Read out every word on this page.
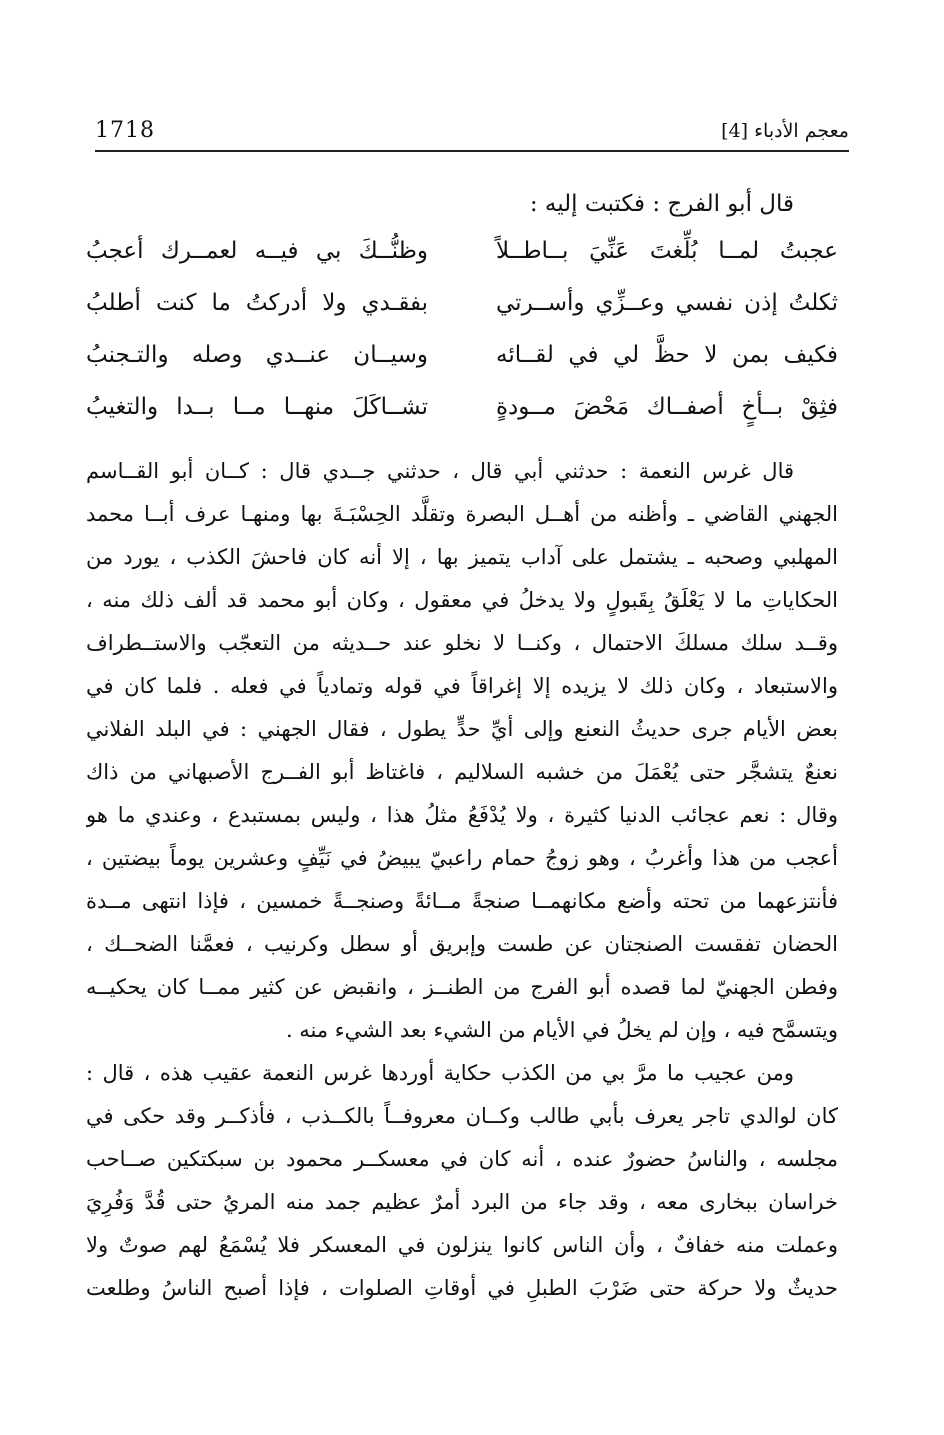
1718	معجم الأدباء [4]
قال أبو الفرج : فكتبت إليه :
عجبتُ لمــا بُلِّغتَ عَنِّيَ بــاطــلاً
وظنُّــكَ بي فيــه لعمــرك أعجبُ
ثكلتُ إذن نفسي وعــزِّي وأســرتي
بفقـدي ولا أدركتُ ما كنت أطلبُ
فكيف بمن لا حظَّ لي في لقــائه
وسيــان عنــدي وصله والتـجنبُ
فثِقْ بــأخٍ أصفــاك مَحْضَ مــودةٍ
تشــاكَلَ منهــا مــا بــدا والتغيبُ
قال غرس النعمة : حدثني أبي قال ، حدثني جــدي قال : كــان أبو القــاسم
الجهني القاضي ـ وأظنه من أهــل البصرة وتقلَّد الحِسْبَـةَ بها ومنهـا عرف أبــا محمد
المهلبي وصحبه ـ يشتمل على آداب يتميز بها ، إلا أنه كان فاحشَ الكذب ، يورد من
الحكاياتِ ما لا يَعْلَقُ بِقَبولٍ ولا يدخلُ في معقول ، وكان أبو محمد قد ألف ذلك منه ،
وقــد سلك مسلكَ الاحتمال ، وكنــا لا نخلو عند حــديثه من التعجّب والاستــطراف
والاستبعاد ، وكان ذلك لا يزيده إلا إغراقاً في قوله وتمادياً في فعله . فلما كان في
بعض الأيام جرى حديثُ النعنع وإلى أيِّ حدٍّ يطول ، فقال الجهني : في البلد الفلاني
نعنعٌ يتشجَّر حتى يُعْمَلَ من خشبه السلاليم ، فاغتاظ أبو الفــرج الأصبهاني من ذاك
وقال : نعم عجائب الدنيا كثيرة ، ولا يُدْفَعُ مثلُ هذا ، وليس بمستبدع ، وعندي ما هو
أعجب من هذا وأغربُ ، وهو زوجُ حمام راعبيّ يبيضُ في نَيِّفٍ وعشرين يوماً بيضتين ،
فأنتزعهما من تحته وأضع مكانهمــا صنجةً مــائةً وصنجــةً خمسين ، فإذا انتهى مــدة
الحضان تفقست الصنجتان عن طست وإبريق أو سطل وكرنيب ، فعمَّنا الضحــك ،
وفطن الجهنيّ لما قصده أبو الفرج من الطنــز ، وانقبض عن كثير ممــا كان يحكيــه
ويتسمَّح فيه ، وإن لم يخلُ في الأيام من الشيء بعد الشيء منه .
ومن عجيب ما مرَّ بي من الكذب حكاية أوردها غرس النعمة عقيب هذه ، قال :
كان لوالدي تاجر يعرف بأبي طالب وكــان معروفــاً بالكــذب ، فأذكــر وقد حكى في
مجلسه ، والناسُ حضورٌ عنده ، أنه كان في معسكــر محمود بن سبكتكين صــاحب
خراسان ببخارى معه ، وقد جاء من البرد أمرٌ عظيم جمد منه المريُ حتى قُدَّ وَفُرِيَ
وعملت منه خفافٌ ، وأن الناس كانوا ينزلون في المعسكر فلا يُسْمَعُ لهم صوتٌ ولا
حديثٌ ولا حركة حتى ضَرْبَ الطبلِ في أوقاتِ الصلوات ، فإذا أصبح الناسُ وطلعت
